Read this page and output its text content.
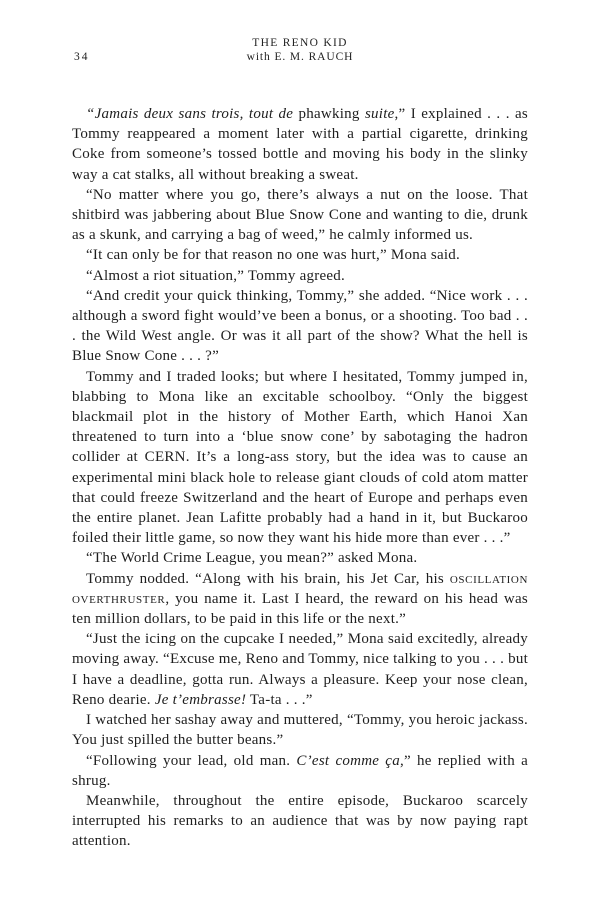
34
THE RENO KID
with E. M. RAUCH

“Jamais deux sans trois, tout de phawking suite,” I explained . . . as Tommy reappeared a moment later with a partial cigarette, drinking Coke from someone’s tossed bottle and moving his body in the slinky way a cat stalks, all without breaking a sweat.

“No matter where you go, there’s always a nut on the loose. That shitbird was jabbering about Blue Snow Cone and wanting to die, drunk as a skunk, and carrying a bag of weed,” he calmly informed us.

“It can only be for that reason no one was hurt,” Mona said.

“Almost a riot situation,” Tommy agreed.

“And credit your quick thinking, Tommy,” she added. “Nice work . . . although a sword fight would’ve been a bonus, or a shooting. Too bad . . . the Wild West angle. Or was it all part of the show? What the hell is Blue Snow Cone . . . ?”

Tommy and I traded looks; but where I hesitated, Tommy jumped in, blabbing to Mona like an excitable schoolboy. “Only the biggest blackmail plot in the history of Mother Earth, which Hanoi Xan threatened to turn into a ‘blue snow cone’ by sabotaging the hadron collider at CERN. It’s a long-ass story, but the idea was to cause an experimental mini black hole to release giant clouds of cold atom matter that could freeze Switzerland and the heart of Europe and perhaps even the entire planet. Jean Lafitte probably had a hand in it, but Buckaroo foiled their little game, so now they want his hide more than ever . . .”

“The World Crime League, you mean?” asked Mona.

Tommy nodded. “Along with his brain, his Jet Car, his oscillation overthruster, you name it. Last I heard, the reward on his head was ten million dollars, to be paid in this life or the next.”

“Just the icing on the cupcake I needed,” Mona said excitedly, already moving away. “Excuse me, Reno and Tommy, nice talking to you . . . but I have a deadline, gotta run. Always a pleasure. Keep your nose clean, Reno dearie. Je t’embrasse! Ta-ta . . .”

I watched her sashay away and muttered, “Tommy, you heroic jackass. You just spilled the butter beans.”

“Following your lead, old man. C’est comme ça,” he replied with a shrug.

Meanwhile, throughout the entire episode, Buckaroo scarcely interrupted his remarks to an audience that was by now paying rapt attention.
